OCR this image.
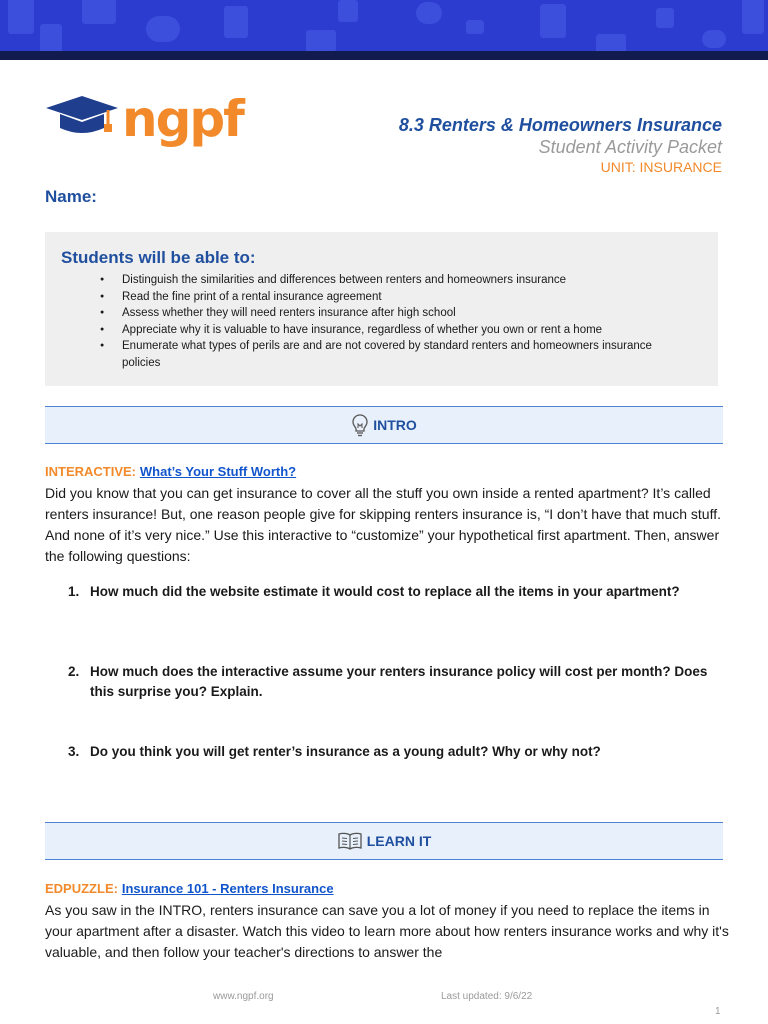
ngpf	8.3 Renters & Homeowners Insurance
Student Activity Packet
UNIT: INSURANCE
Name:
Students will be able to:
● Distinguish the similarities and differences between renters and homeowners insurance
● Read the fine print of a rental insurance agreement
● Assess whether they will need renters insurance after high school
● Appreciate why it is valuable to have insurance, regardless of whether you own or rent a home
● Enumerate what types of perils are and are not covered by standard renters and homeowners insurance policies
INTRO
INTERACTIVE: What’s Your Stuff Worth?
Did you know that you can get insurance to cover all the stuff you own inside a rented apartment? It’s called renters insurance! But, one reason people give for skipping renters insurance is, “I don’t have that much stuff. And none of it’s very nice.” Use this interactive to “customize” your hypothetical first apartment. Then, answer the following questions:
1. How much did the website estimate it would cost to replace all the items in your apartment?
2. How much does the interactive assume your renters insurance policy will cost per month? Does this surprise you? Explain.
3. Do you think you will get renter’s insurance as a young adult? Why or why not?
LEARN IT
EDPUZZLE: Insurance 101 - Renters Insurance
As you saw in the INTRO, renters insurance can save you a lot of money if you need to replace the items in your apartment after a disaster. Watch this video to learn more about how renters insurance works and why it's valuable, and then follow your teacher's directions to answer the
www.ngpf.org	Last updated: 9/6/22
1
